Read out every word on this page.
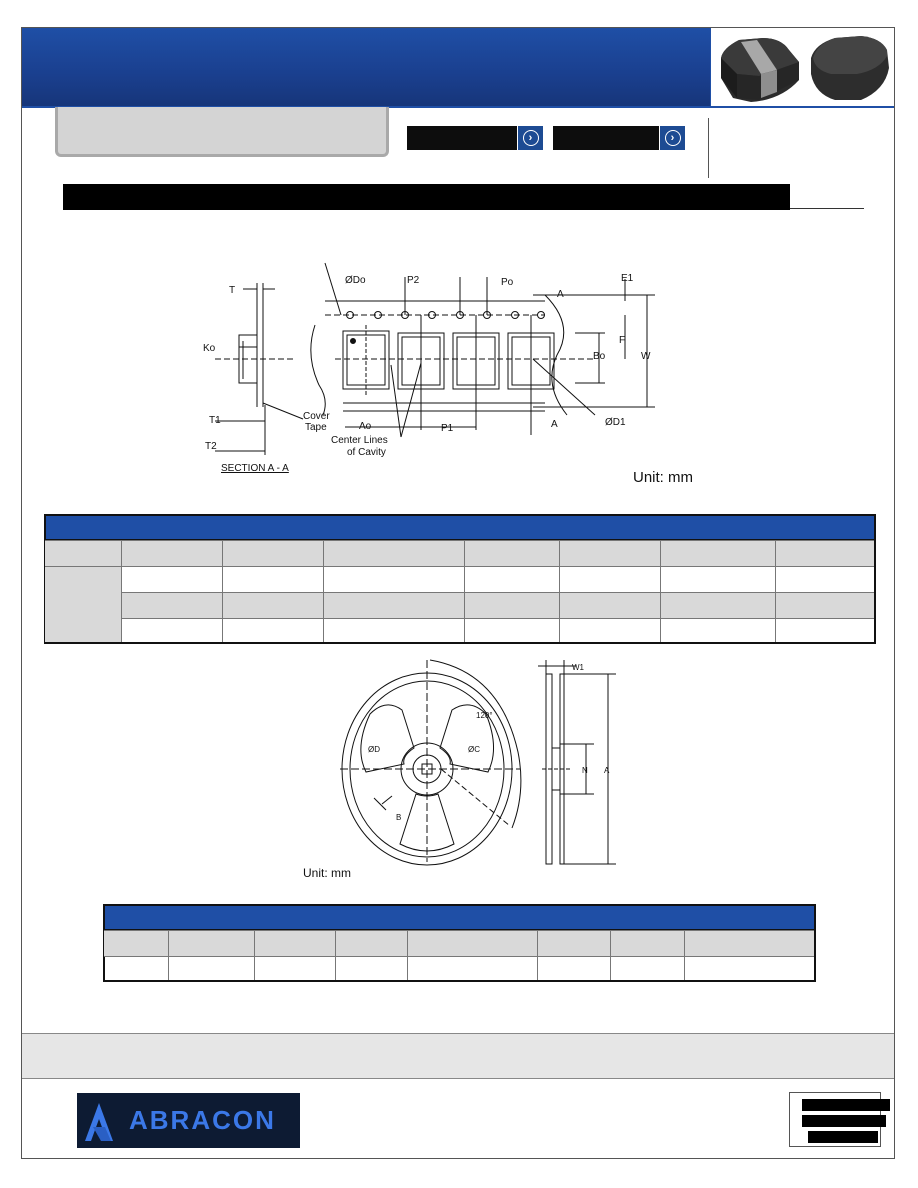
›	›
T
Ko
T1
T2
SECTION A - A
Cover
Tape	Ao
Center Lines
of Cavity
P1
ØDo	P2	Po
A
A
E1
F
Bo	W
ØD1
Unit: mm
120°
ØD	ØC
B
W1
N A
Unit: mm
ABRACON
